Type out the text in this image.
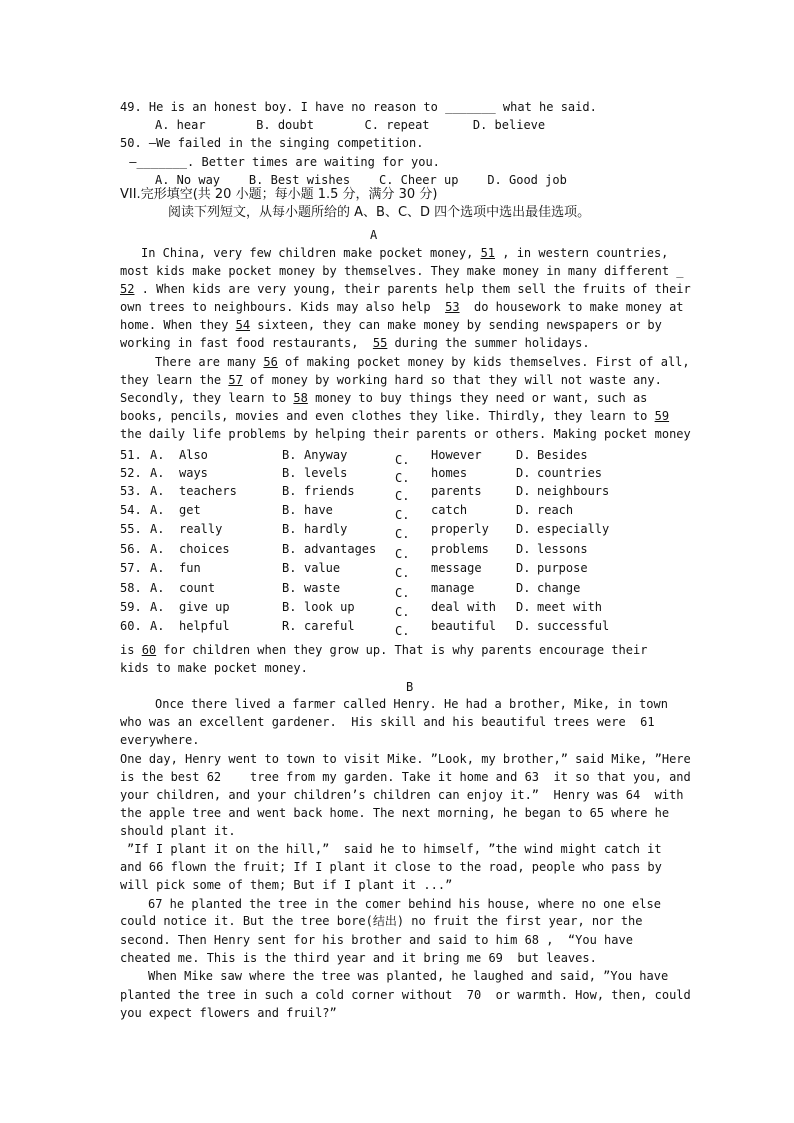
49. He is an honest boy. I have no reason to _______ what he said.
A. hear       B. doubt       C. repeat      D. believe
50. —We failed in the singing competition.
—_______. Better times are waiting for you.
A. No way    B. Best wishes    C. Cheer up    D. Good job
VII.完形填空(共 20 小题；每小题 1.5 分，满分 30 分)
阅读下列短文，从每小题所给的 A、B、C、D 四个选项中选出最佳选项。
A
In China, very few children make pocket money, 51 , in western countries,
most kids make pocket money by themselves. They make money in many different _
52 . When kids are very young, their parents help them sell the fruits of their
own trees to neighbours. Kids may also help  53  do housework to make money at
home. When they 54 sixteen, they can make money by sending newspapers or by
working in fast food restaurants,  55 during the summer holidays.
There are many 56 of making pocket money by kids themselves. First of all,
they learn the 57 of money by working hard so that they will not waste any.
Secondly, they learn to 58 money to buy things they need or want, such as
books, pencils, movies and even clothes they like. Thirdly, they learn to 59
the daily life problems by helping their parents or others. Making pocket money
51. A. Also	B. Anyway	C. However	D. Besides
52. A. ways	B. levels	C. homes	D. countries
53. A. teachers	B. friends	C. parents	D. neighbours
54. A. get	B. have	C. catch	D. reach
55. A. really	B. hardly	C. properly D. especially
56. A. choices	B. advantages C. problems D. lessons
57. A. fun	B. value	C. message	D. purpose
58. A. count	B. waste	C. manage	D. change
59. A. give up	B. look up	C. deal with D. meet with
60. A. helpful	R. careful	C. beautiful D. successful
is 60 for children when they grow up. That is why parents encourage their
kids to make pocket money.
B
Once there lived a farmer called Henry. He had a brother, Mike, in town
who was an excellent gardener.  His skill and his beautiful trees were  61
everywhere.
One day, Henry went to town to visit Mike. ”Look, my brother,” said Mike, ”Here
is the best 62    tree from my garden. Take it home and 63  it so that you, and
your children, and your children’s children can enjoy it.”  Henry was 64  with
the apple tree and went back home. The next morning, he began to 65 where he
should plant it.
”If I plant it on the hill,”  said he to himself, ”the wind might catch it
and 66 flown the fruit; If I plant it close to the road, people who pass by
will pick some of them; But if I plant it ...”
67 he planted the tree in the comer behind his house, where no one else
could notice it. But the tree bore(结出) no fruit the first year, nor the
second. Then Henry sent for his brother and said to him 68 ,  “You have
cheated me. This is the third year and it bring me 69  but leaves.
When Mike saw where the tree was planted, he laughed and said, ”You have
planted the tree in such a cold corner without  70  or warmth. How, then, could
you expect flowers and fruil?”
